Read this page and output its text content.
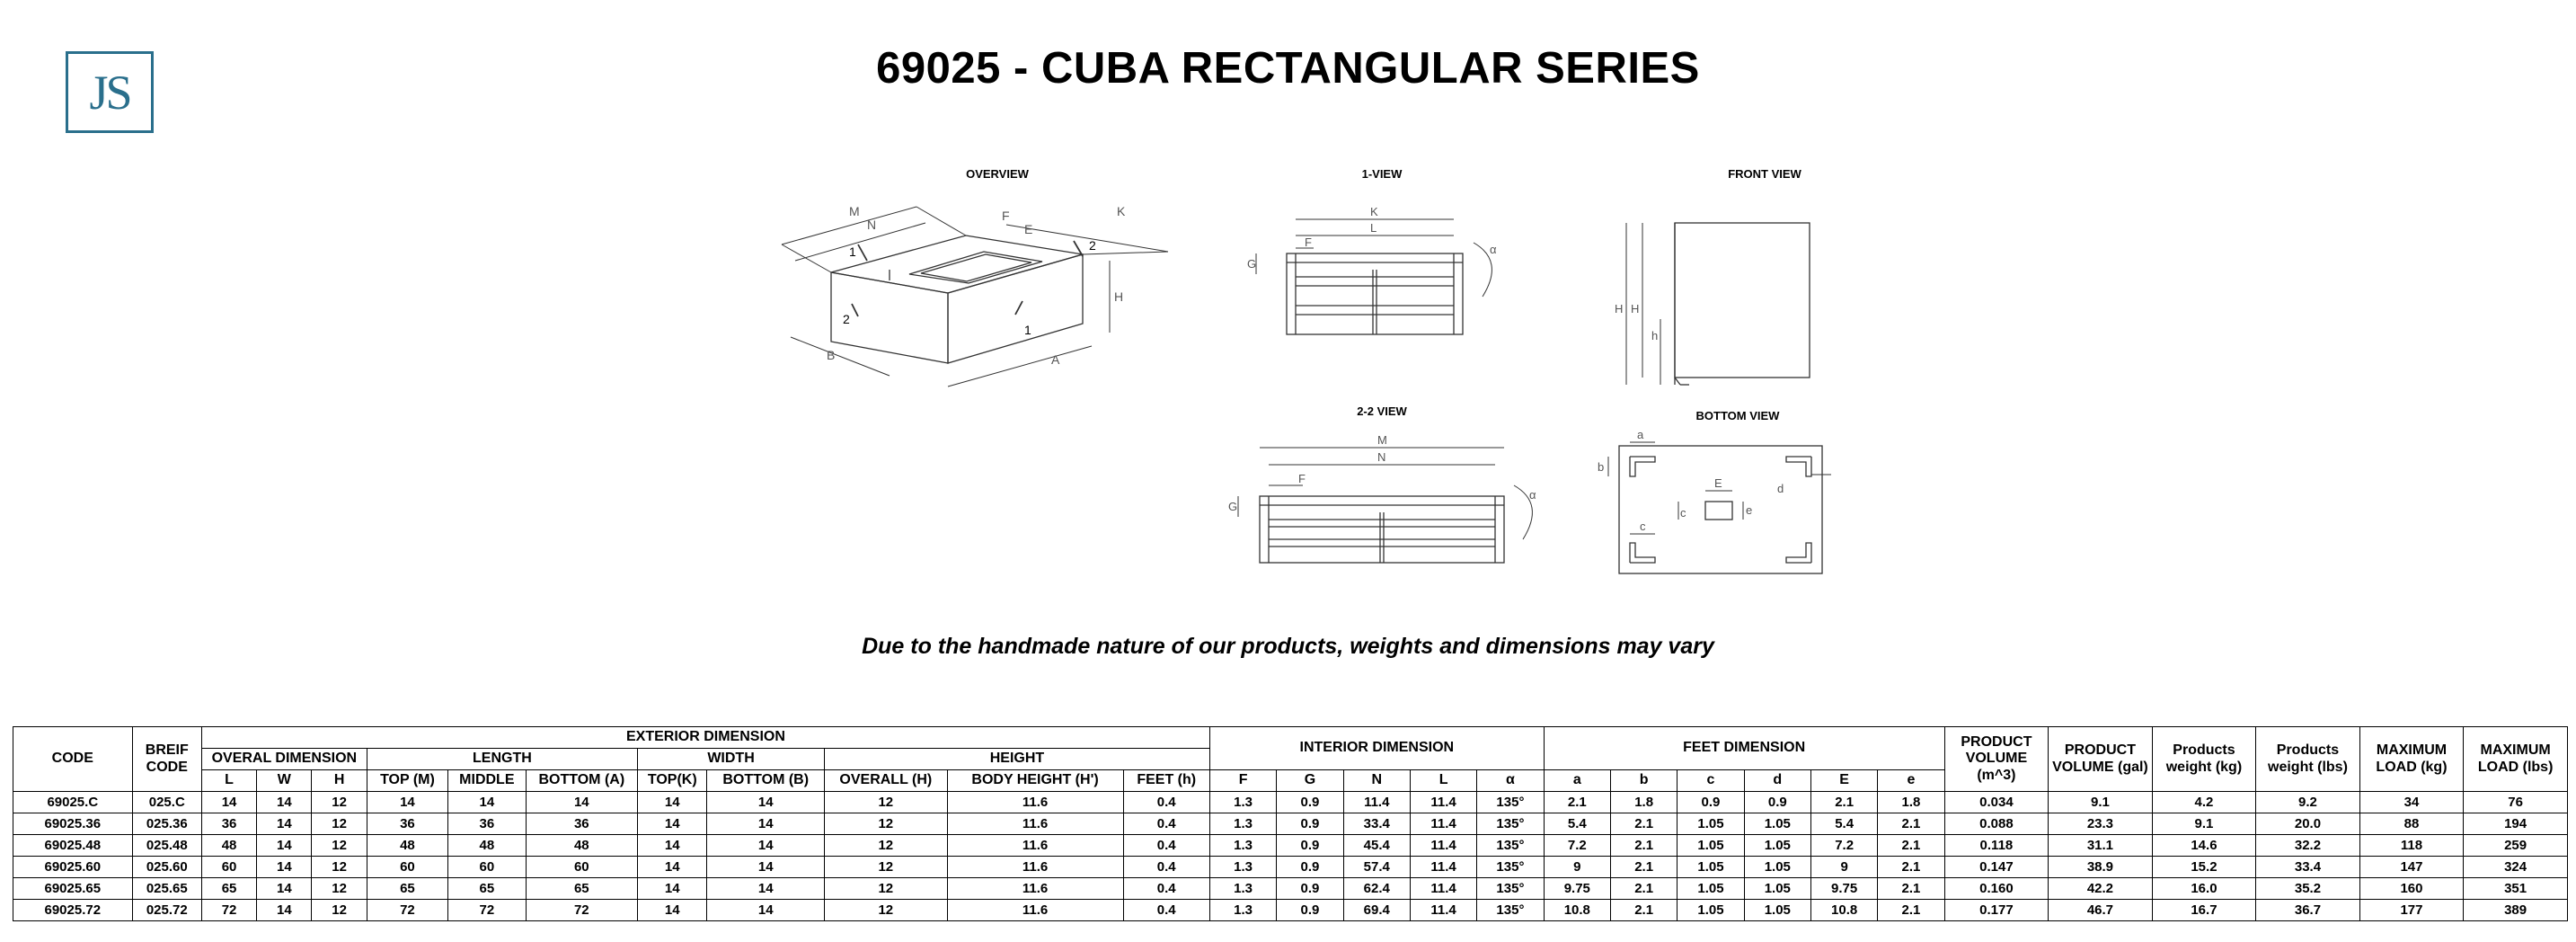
JS	69025 - CUBA RECTANGULAR SERIES
OVERVIEW	1-VIEW	FRONT VIEW
2-2 VIEW	BOTTOM VIEW
M
N
F
E
K
H
B	A
1	2
2
1
K
L
F
G
α
H H
h
M
N
F
G
α
a
b
c
c
E
e
d
Due to the handmade nature of our products, weights and dimensions may vary
CODE	BREIF CODE	EXTERIOR DIMENSION											INTERIOR DIMENSION					FEET DIMENSION						PRODUCT VOLUME (m^3)	PRODUCT VOLUME (gal)	Products weight (kg)	Products weight (lbs)	MAXIMUM LOAD (kg)	MAXIMUM LOAD (lbs)
		OVERAL DIMENSION			LENGTH			WIDTH		HEIGHT																			
		L	W	H	TOP (M)	MIDDLE	BOTTOM (A)	TOP(K)	BOTTOM (B)	OVERALL (H)	BODY HEIGHT (H')	FEET (h)	F	G	N	L	α	a	b	c	d	E	e						
69025.C	025.C	14	14	12	14	14	14	14	14	12	11.6	0.4	1.3	0.9	11.4	11.4	135°	2.1	1.8	0.9	0.9	2.1	1.8	0.034	9.1	4.2	9.2	34	76
69025.36	025.36	36	14	12	36	36	36	14	14	12	11.6	0.4	1.3	0.9	33.4	11.4	135°	5.4	2.1	1.05	1.05	5.4	2.1	0.088	23.3	9.1	20.0	88	194
69025.48	025.48	48	14	12	48	48	48	14	14	12	11.6	0.4	1.3	0.9	45.4	11.4	135°	7.2	2.1	1.05	1.05	7.2	2.1	0.118	31.1	14.6	32.2	118	259
69025.60	025.60	60	14	12	60	60	60	14	14	12	11.6	0.4	1.3	0.9	57.4	11.4	135°	9	2.1	1.05	1.05	9	2.1	0.147	38.9	15.2	33.4	147	324
69025.65	025.65	65	14	12	65	65	65	14	14	12	11.6	0.4	1.3	0.9	62.4	11.4	135°	9.75	2.1	1.05	1.05	9.75	2.1	0.160	42.2	16.0	35.2	160	351
69025.72	025.72	72	14	12	72	72	72	14	14	12	11.6	0.4	1.3	0.9	69.4	11.4	135°	10.8	2.1	1.05	1.05	10.8	2.1	0.177	46.7	16.7	36.7	177	389
